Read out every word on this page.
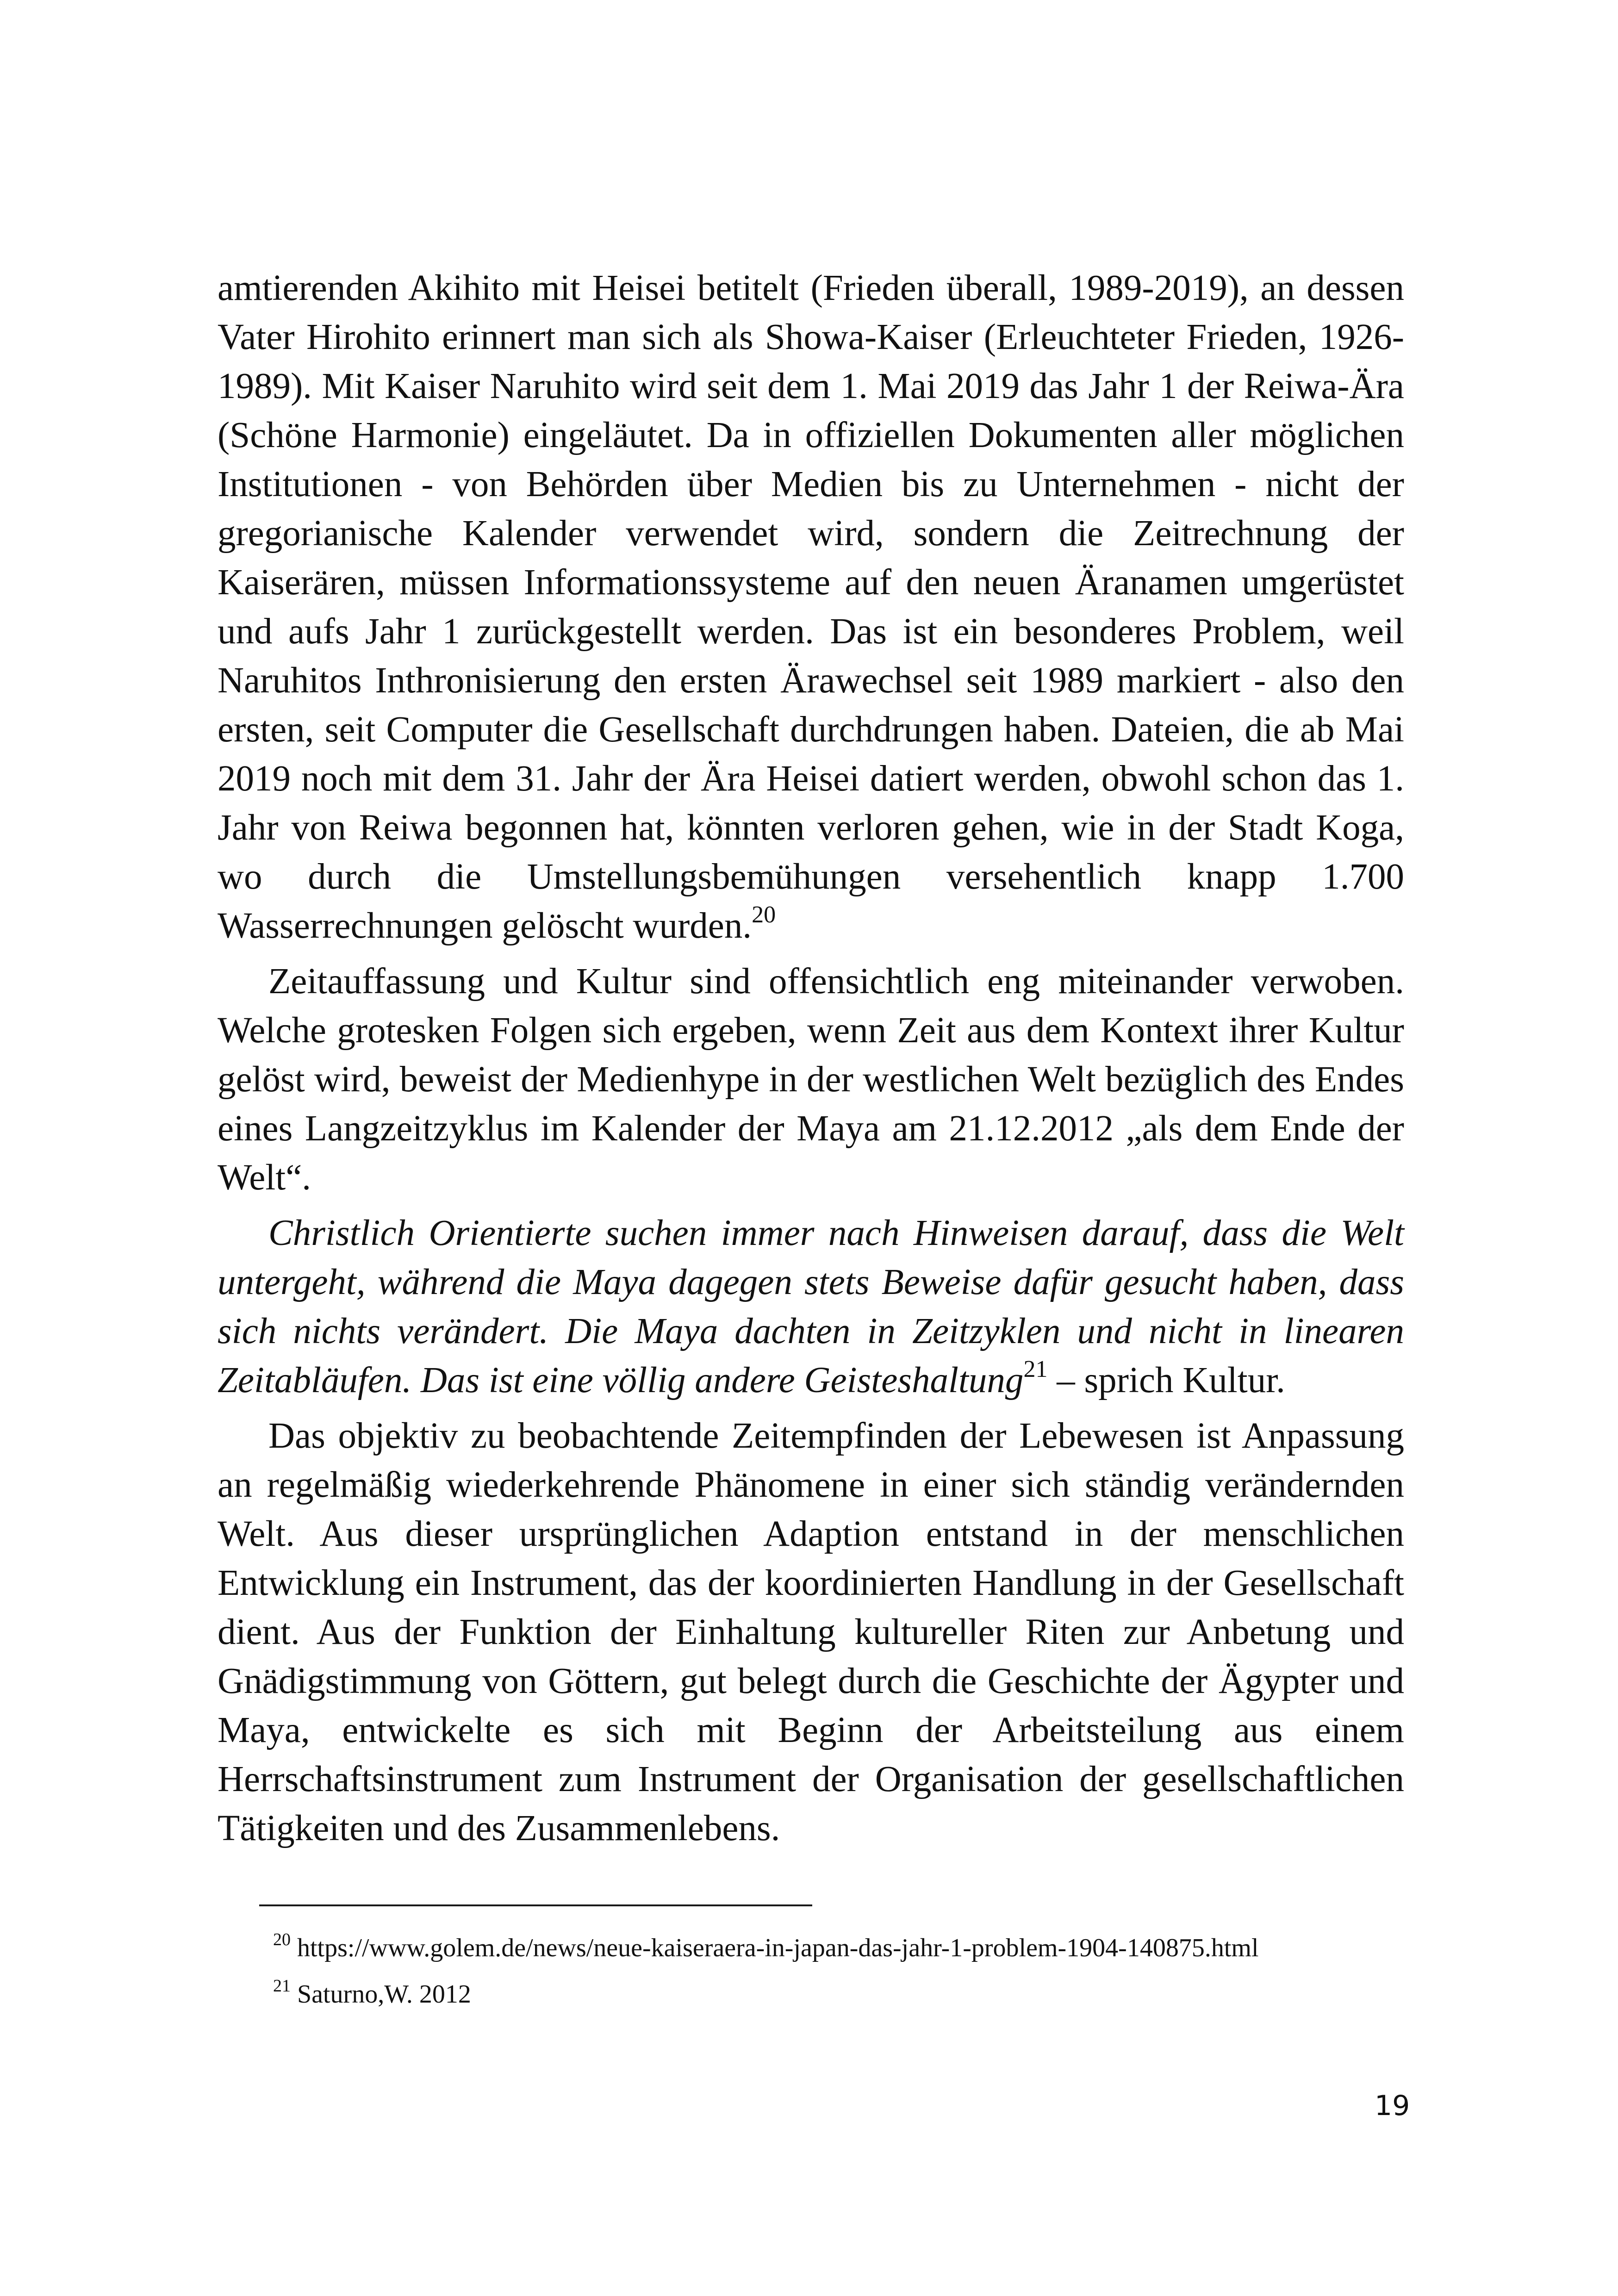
amtierenden Akihito mit Heisei betitelt (Frieden überall, 1989-2019), an dessen Vater Hirohito erinnert man sich als Showa-Kaiser (Erleuchteter Frieden, 1926-1989). Mit Kaiser Naruhito wird seit dem 1. Mai 2019 das Jahr 1 der Reiwa-Ära (Schöne Harmonie) eingeläutet. Da in offiziellen Dokumenten aller möglichen Institutionen - von Behörden über Medien bis zu Unternehmen - nicht der gregorianische Kalender verwendet wird, sondern die Zeitrechnung der Kaiserären, müssen Informationssysteme auf den neuen Äranamen umgerüstet und aufs Jahr 1 zurückgestellt werden. Das ist ein besonderes Problem, weil Naruhitos Inthronisierung den ersten Ärawechsel seit 1989 markiert - also den ersten, seit Computer die Gesellschaft durchdrungen haben. Dateien, die ab Mai 2019 noch mit dem 31. Jahr der Ära Heisei datiert werden, obwohl schon das 1. Jahr von Reiwa begonnen hat, könnten verloren gehen, wie in der Stadt Koga, wo durch die Umstellungsbemühungen versehentlich knapp 1.700 Wasserrechnungen gelöscht wurden.$^{20}$

Zeitauffassung und Kultur sind offensichtlich eng miteinander verwoben. Welche grotesken Folgen sich ergeben, wenn Zeit aus dem Kontext ihrer Kultur gelöst wird, beweist der Medienhype in der westlichen Welt bezüglich des Endes eines Langzeitzyklus im Kalender der Maya am 21.12.2012 „als dem Ende der Welt“.

Christlich Orientierte suchen immer nach Hinweisen darauf, dass die Welt untergeht, während die Maya dagegen stets Beweise dafür gesucht haben, dass sich nichts verändert. Die Maya dachten in Zeitzyklen und nicht in linearen Zeitabläufen. Das ist eine völlig andere Geisteshaltung$^{21}$ – sprich Kultur.

Das objektiv zu beobachtende Zeitempfinden der Lebewesen ist Anpassung an regelmäßig wiederkehrende Phänomene in einer sich ständig verändernden Welt. Aus dieser ursprünglichen Adaption entstand in der menschlichen Entwicklung ein Instrument, das der koordinierten Handlung in der Gesellschaft dient. Aus der Funktion der Einhaltung kultureller Riten zur Anbetung und Gnädigstimmung von Göttern, gut belegt durch die Geschichte der Ägypter und Maya, entwickelte es sich mit Beginn der Arbeitsteilung aus einem Herrschaftsinstrument zum Instrument der Organisation der gesellschaftlichen Tätigkeiten und des Zusammenlebens.

$^{20}$ https://www.golem.de/news/neue-kaiseraera-in-japan-das-jahr-1-problem-1904-140875.html

$^{21}$ Saturno,W. 2012

19
